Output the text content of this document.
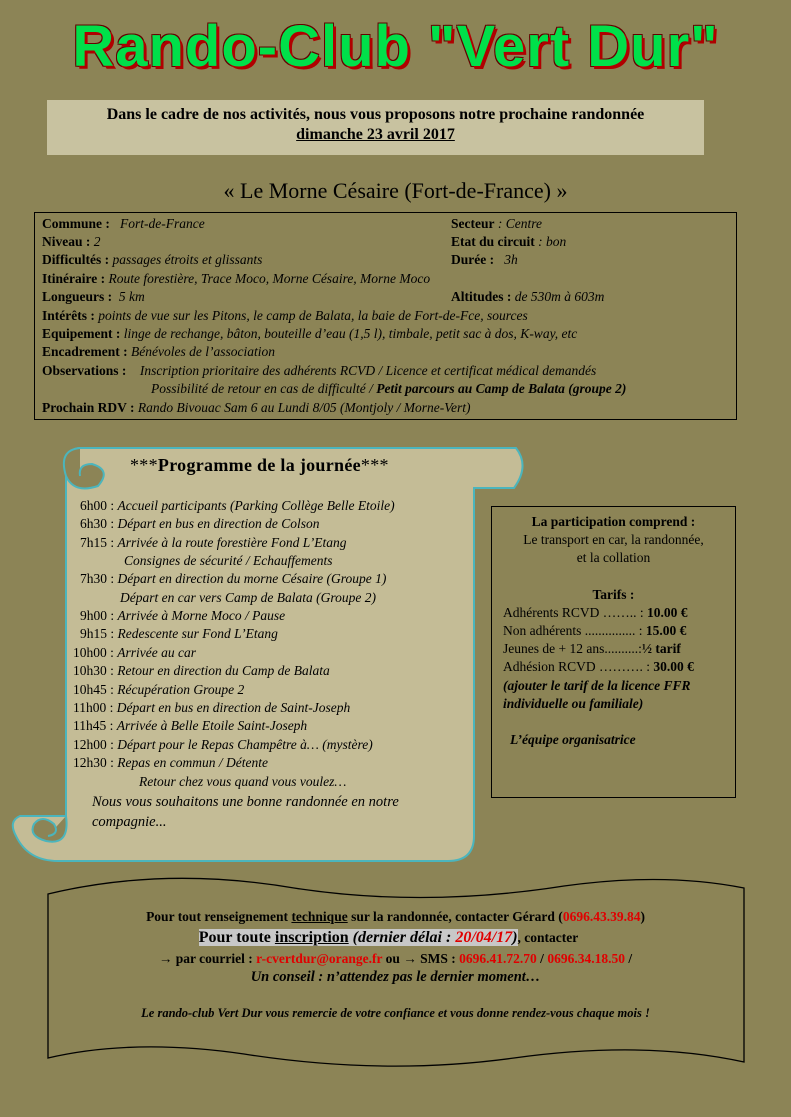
Rando-Club "Vert Dur"
Dans le cadre de nos activités, nous vous proposons notre prochaine randonnée
dimanche 23 avril 2017
« Le Morne Césaire (Fort-de-France) »
Commune : Fort-de-France	Secteur : Centre
Niveau : 2	Etat du circuit : bon
Difficultés : passages étroits et glissants	Durée : 3h
Itinéraire : Route forestière, Trace Moco, Morne Césaire, Morne Moco
Longueurs : 5 km	Altitudes : de 530m à 603m
Intérêts : points de vue sur les Pitons, le camp de Balata, la baie de Fort-de-Fce, sources
Equipement : linge de rechange, bâton, bouteille d’eau (1,5 l), timbale, petit sac à dos, K-way, etc
Encadrement : Bénévoles de l’association
Observations : Inscription prioritaire des adhérents RCVD / Licence et certificat médical demandés
Possibilité de retour en cas de difficulté / Petit parcours au Camp de Balata (groupe 2)
Prochain RDV : Rando Bivouac Sam 6 au Lundi 8/05 (Montjoly / Morne-Vert)
***Programme de la journée***
6h00 : Accueil participants (Parking Collège Belle Etoile)
6h30 : Départ en bus en direction de Colson
7h15 : Arrivée à la route forestière Fond L’Etang
Consignes de sécurité / Echauffements
7h30 : Départ en direction du morne Césaire (Groupe 1)
Départ en car vers Camp de Balata (Groupe 2)
9h00 : Arrivée à Morne Moco / Pause
9h15 : Redescente sur Fond L’Etang
10h00 : Arrivée au car
10h30 : Retour en direction du Camp de Balata
10h45 : Récupération Groupe 2
11h00 : Départ en bus en direction de Saint-Joseph
11h45 : Arrivée à Belle Etoile Saint-Joseph
12h00 : Départ pour le Repas Champêtre à… (mystère)
12h30 : Repas en commun / Détente
Retour chez vous quand vous voulez…
Nous vous souhaitons une bonne randonnée en notre
compagnie...
La participation comprend :
Le transport en car, la randonnée,
et la collation
Tarifs :
Adhérents RCVD …….. : 10.00 €
Non adhérents ............... : 15.00 €
Jeunes de + 12 ans..........:½ tarif
Adhésion RCVD ………. : 30.00 €
(ajouter le tarif de la licence FFR
individuelle ou familiale)
L’équipe organisatrice
Pour tout renseignement technique sur la randonnée, contacter Gérard (0696.43.39.84)
Pour toute inscription (dernier délai : 20/04/17), contacter
→ par courriel : r-cvertdur@orange.fr ou → SMS : 0696.41.72.70 / 0696.34.18.50 /
Un conseil : n’attendez pas le dernier moment…
Le rando-club Vert Dur vous remercie de votre confiance et vous donne rendez-vous chaque mois !
